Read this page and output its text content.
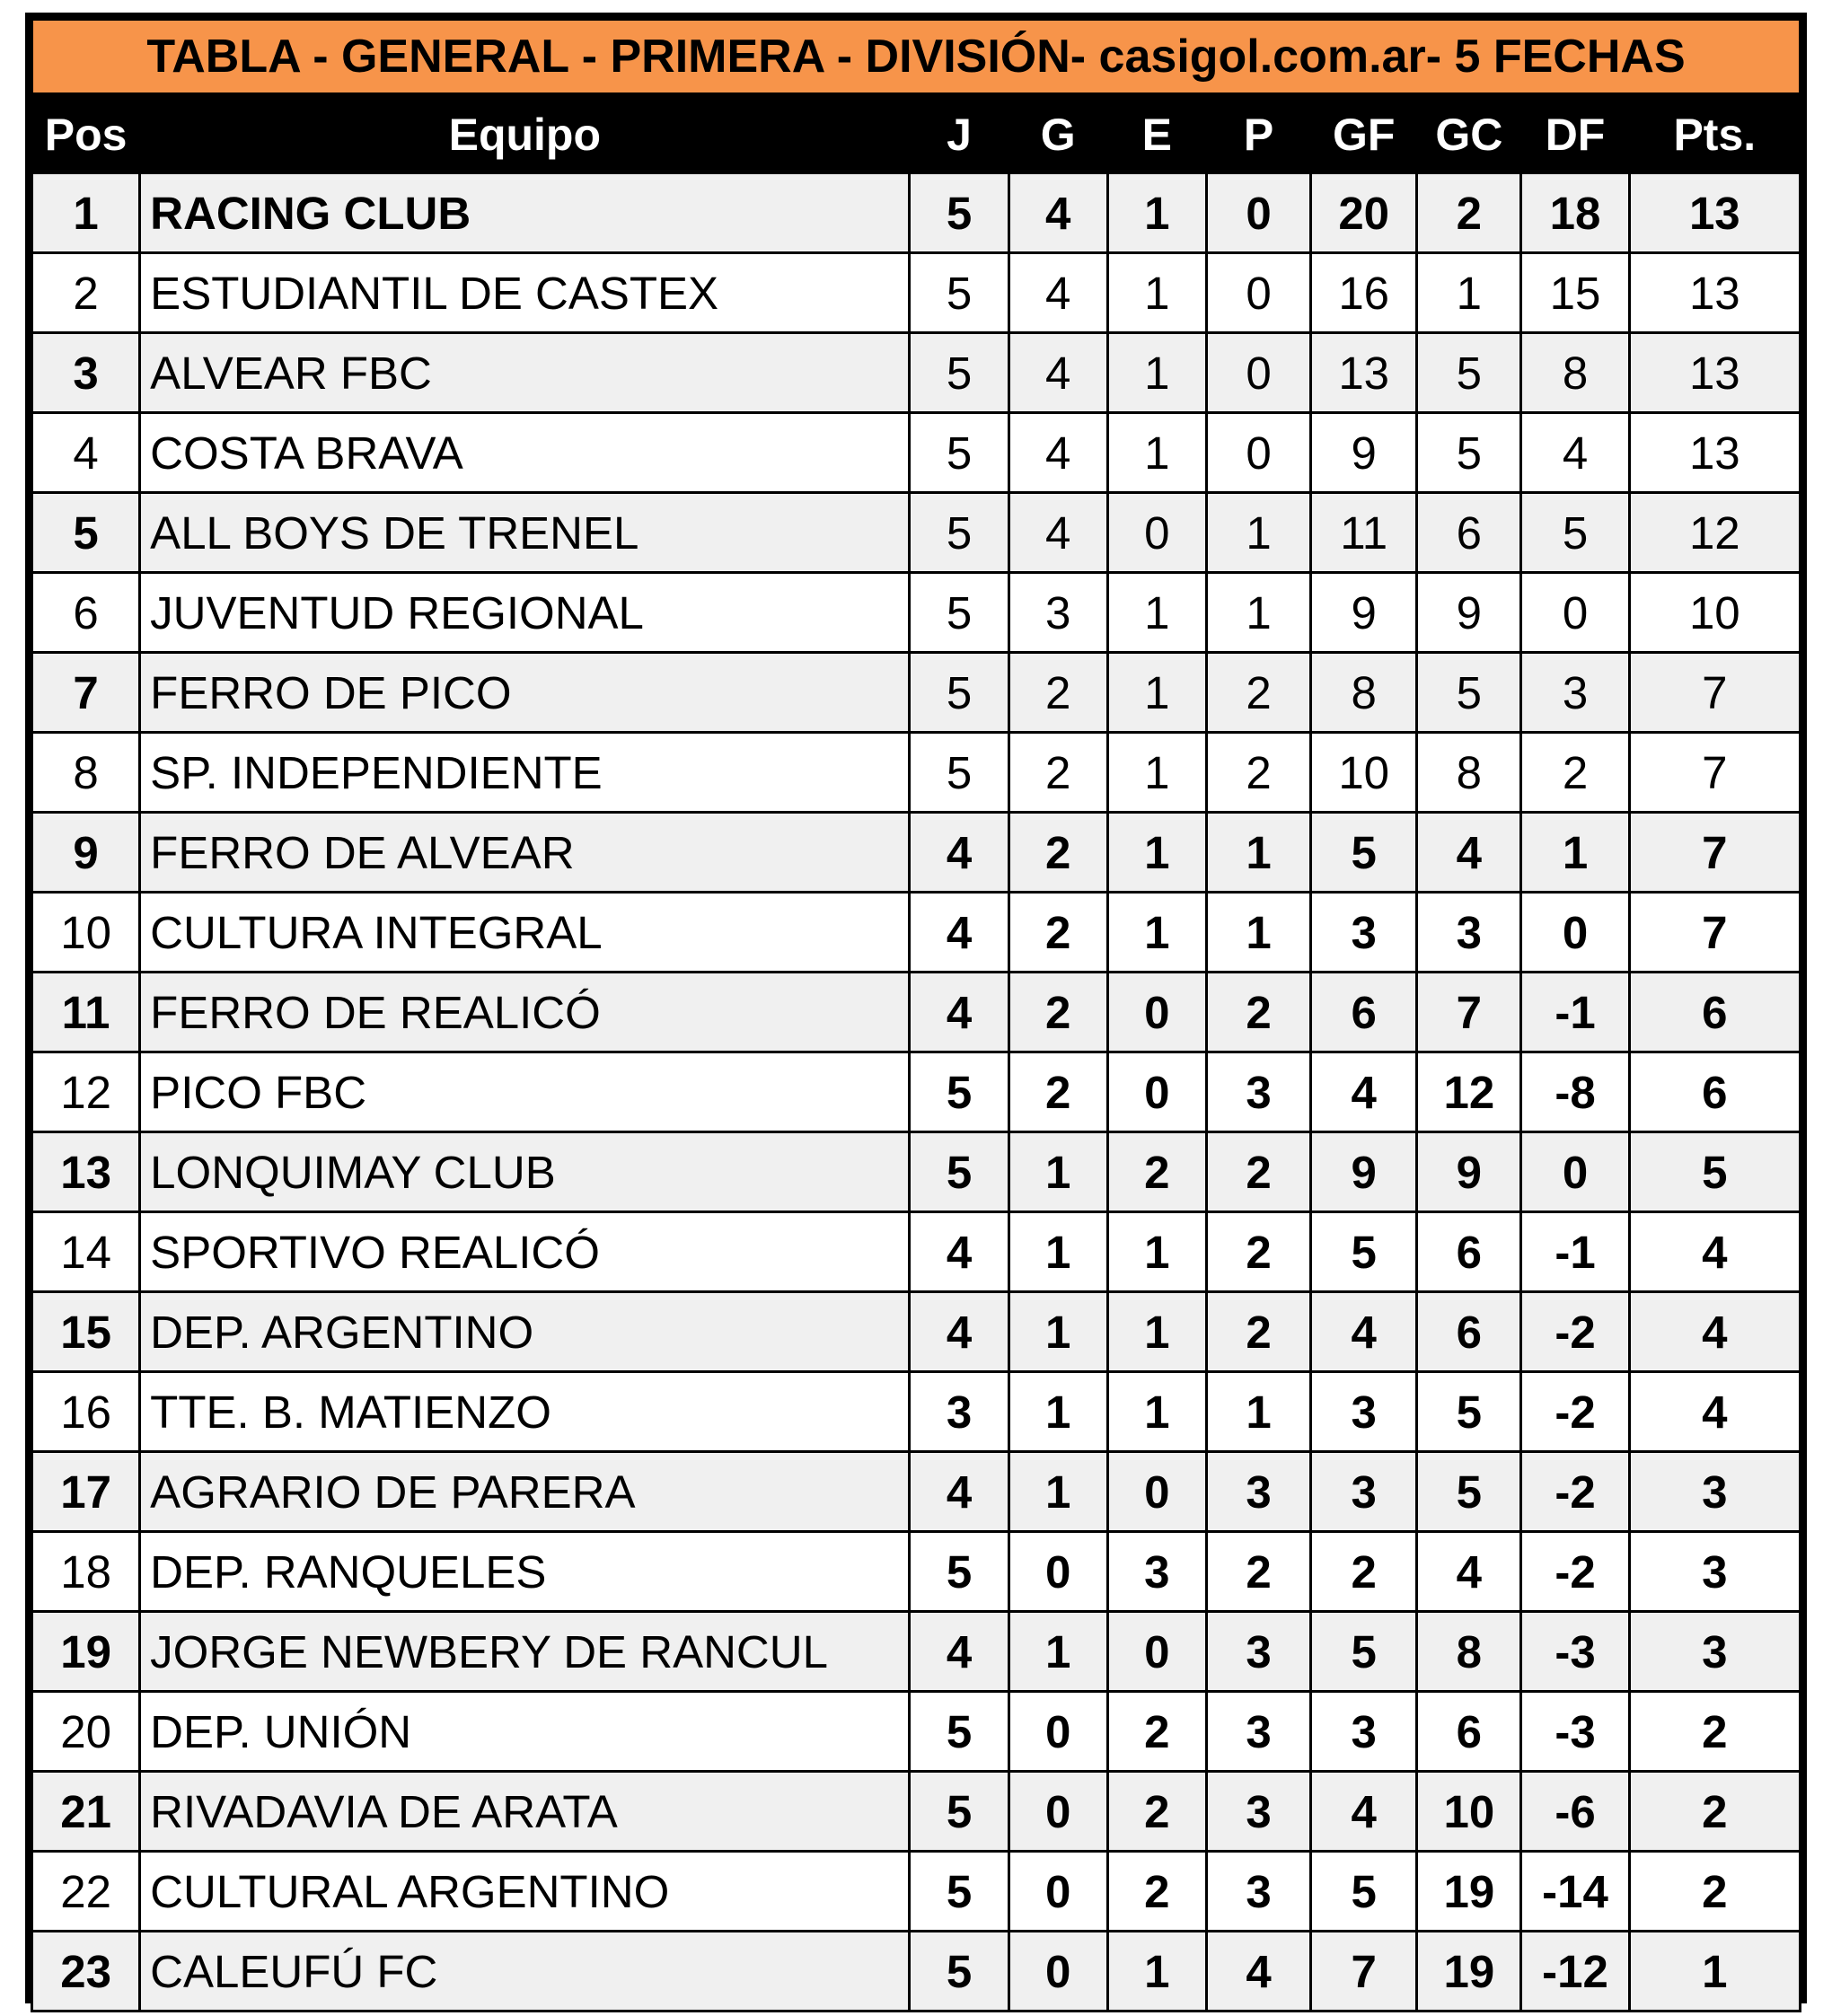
TABLA - GENERAL - PRIMERA - DIVISIÓN- casigol.com.ar- 5 FECHAS									
Pos	Equipo	J	G	E	P	GF	GC	DF	Pts.
1	RACING CLUB	5	4	1	0	20	2	18	13
2	ESTUDIANTIL DE CASTEX	5	4	1	0	16	1	15	13
3	ALVEAR FBC	5	4	1	0	13	5	8	13
4	COSTA BRAVA	5	4	1	0	9	5	4	13
5	ALL BOYS DE TRENEL	5	4	0	1	11	6	5	12
6	JUVENTUD REGIONAL	5	3	1	1	9	9	0	10
7	FERRO DE PICO	5	2	1	2	8	5	3	7
8	SP. INDEPENDIENTE	5	2	1	2	10	8	2	7
9	FERRO DE ALVEAR	4	2	1	1	5	4	1	7
10	CULTURA INTEGRAL	4	2	1	1	3	3	0	7
11	FERRO DE REALICÓ	4	2	0	2	6	7	-1	6
12	PICO FBC	5	2	0	3	4	12	-8	6
13	LONQUIMAY CLUB	5	1	2	2	9	9	0	5
14	SPORTIVO REALICÓ	4	1	1	2	5	6	-1	4
15	DEP. ARGENTINO	4	1	1	2	4	6	-2	4
16	TTE. B. MATIENZO	3	1	1	1	3	5	-2	4
17	AGRARIO DE PARERA	4	1	0	3	3	5	-2	3
18	DEP. RANQUELES	5	0	3	2	2	4	-2	3
19	JORGE NEWBERY DE RANCUL	4	1	0	3	5	8	-3	3
20	DEP. UNIÓN	5	0	2	3	3	6	-3	2
21	RIVADAVIA DE ARATA	5	0	2	3	4	10	-6	2
22	CULTURAL ARGENTINO	5	0	2	3	5	19	-14	2
23	CALEUFÚ FC	5	0	1	4	7	19	-12	1
